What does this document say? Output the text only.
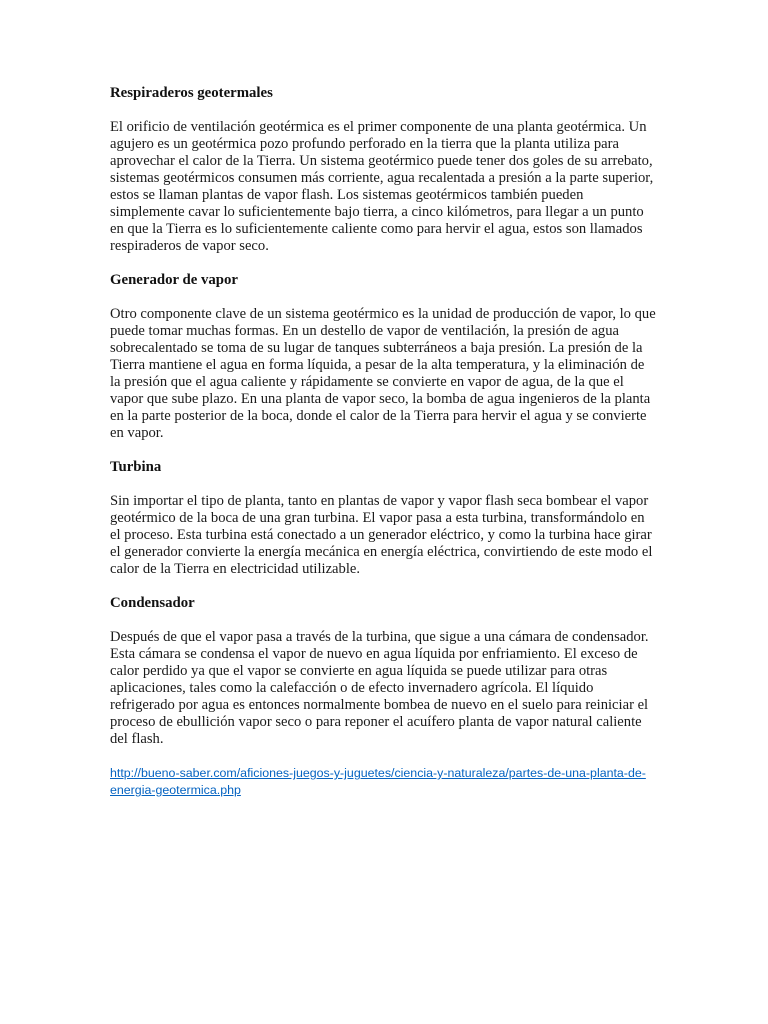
Respiraderos geotermales

El orificio de ventilación geotérmica es el primer componente de una planta geotérmica. Un agujero es un geotérmica pozo profundo perforado en la tierra que la planta utiliza para aprovechar el calor de la Tierra. Un sistema geotérmico puede tener dos goles de su arrebato, sistemas geotérmicos consumen más corriente, agua recalentada a presión a la parte superior, estos se llaman plantas de vapor flash. Los sistemas geotérmicos también pueden simplemente cavar lo suficientemente bajo tierra, a cinco kilómetros, para llegar a un punto en que la Tierra es lo suficientemente caliente como para hervir el agua, estos son llamados respiraderos de vapor seco.

Generador de vapor

Otro componente clave de un sistema geotérmico es la unidad de producción de vapor, lo que puede tomar muchas formas. En un destello de vapor de ventilación, la presión de agua sobrecalentado se toma de su lugar de tanques subterráneos a baja presión. La presión de la Tierra mantiene el agua en forma líquida, a pesar de la alta temperatura, y la eliminación de la presión que el agua caliente y rápidamente se convierte en vapor de agua, de la que el vapor que sube plazo. En una planta de vapor seco, la bomba de agua ingenieros de la planta en la parte posterior de la boca, donde el calor de la Tierra para hervir el agua y se convierte en vapor.

Turbina

Sin importar el tipo de planta, tanto en plantas de vapor y vapor flash seca bombear el vapor geotérmico de la boca de una gran turbina. El vapor pasa a esta turbina, transformándolo en el proceso. Esta turbina está conectado a un generador eléctrico, y como la turbina hace girar el generador convierte la energía mecánica en energía eléctrica, convirtiendo de este modo el calor de la Tierra en electricidad utilizable.

Condensador

Después de que el vapor pasa a través de la turbina, que sigue a una cámara de condensador. Esta cámara se condensa el vapor de nuevo en agua líquida por enfriamiento. El exceso de calor perdido ya que el vapor se convierte en agua líquida se puede utilizar para otras aplicaciones, tales como la calefacción o de efecto invernadero agrícola. El líquido refrigerado por agua es entonces normalmente bombea de nuevo en el suelo para reiniciar el proceso de ebullición vapor seco o para reponer el acuífero planta de vapor natural caliente del flash.

http://bueno-saber.com/aficiones-juegos-y-juguetes/ciencia-y-naturaleza/partes-de-una-planta-de-energia-geotermica.php
